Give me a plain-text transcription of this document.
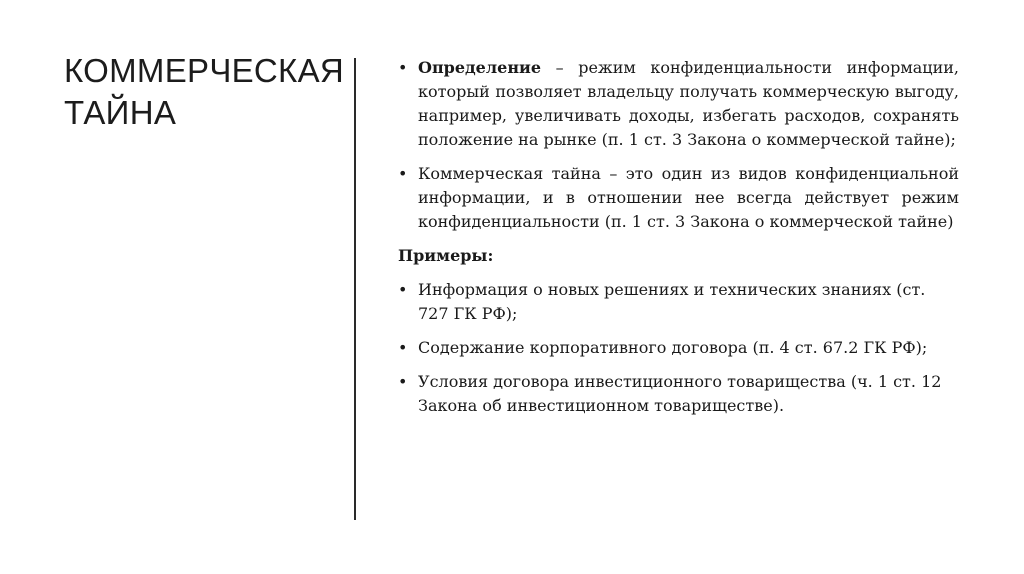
КОММЕРЧЕСКАЯ ТАЙНА
• Определение – режим конфиденциальности информации, который позволяет владельцу получать коммерческую выгоду, например, увеличивать доходы, избегать расходов, сохранять положение на рынке (п. 1 ст. 3 Закона о коммерческой тайне);
• Коммерческая тайна – это один из видов конфиденциальной информации, и в отношении нее всегда действует режим конфиденциальности (п. 1 ст. 3 Закона о коммерческой тайне)
Примеры:
• Информация о новых решениях и технических знаниях (ст. 727 ГК РФ);
• Содержание корпоративного договора (п. 4 ст. 67.2 ГК РФ);
• Условия договора инвестиционного товарищества (ч. 1 ст. 12 Закона об инвестиционном товариществе).
